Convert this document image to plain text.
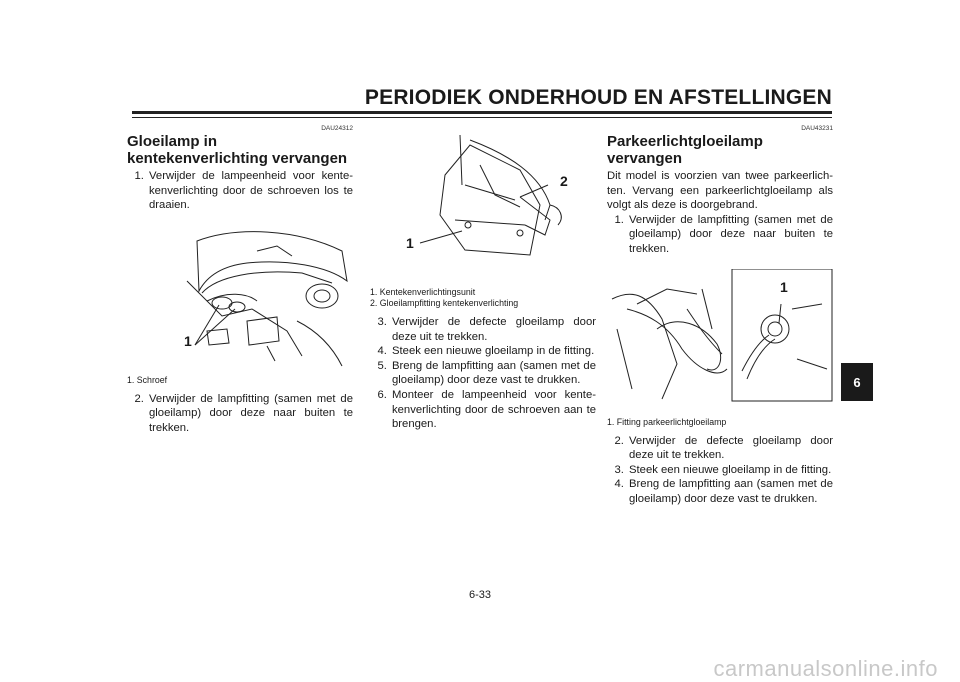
PERIODIEK ONDERHOUD EN AFSTELLINGEN
6
DAU24312
Gloeilamp in kentekenverlichting vervangen
1. Verwijder de lampeenheid voor kentekenverlichting door de schroeven los te draaien.
1
1. Schroef
2. Verwijder de lampfitting (samen met de gloeilamp) door deze naar buiten te trekken.
1
2
1. Kentekenverlichtingsunit
2. Gloeilampfitting kentekenverlichting
3. Verwijder de defecte gloeilamp door deze uit te trekken.
4. Steek een nieuwe gloeilamp in de fitting.
5. Breng de lampfitting aan (samen met de gloeilamp) door deze vast te drukken.
6. Monteer de lampeenheid voor kentekenverlichting door de schroeven aan te brengen.
DAU43231
Parkeerlichtgloeilamp vervangen

Dit model is voorzien van twee parkeerlichten. Vervang een parkeerlichtgloeilamp als volgt als deze is doorgebrand.

1. Verwijder de lampfitting (samen met de gloeilamp) door deze naar buiten te trekken.
1
1. Fitting parkeerlichtgloeilamp
2. Verwijder de defecte gloeilamp door deze uit te trekken.
3. Steek een nieuwe gloeilamp in de fitting.
4. Breng de lampfitting aan (samen met de gloeilamp) door deze vast te drukken.
6-33
carmanualsonline.info
